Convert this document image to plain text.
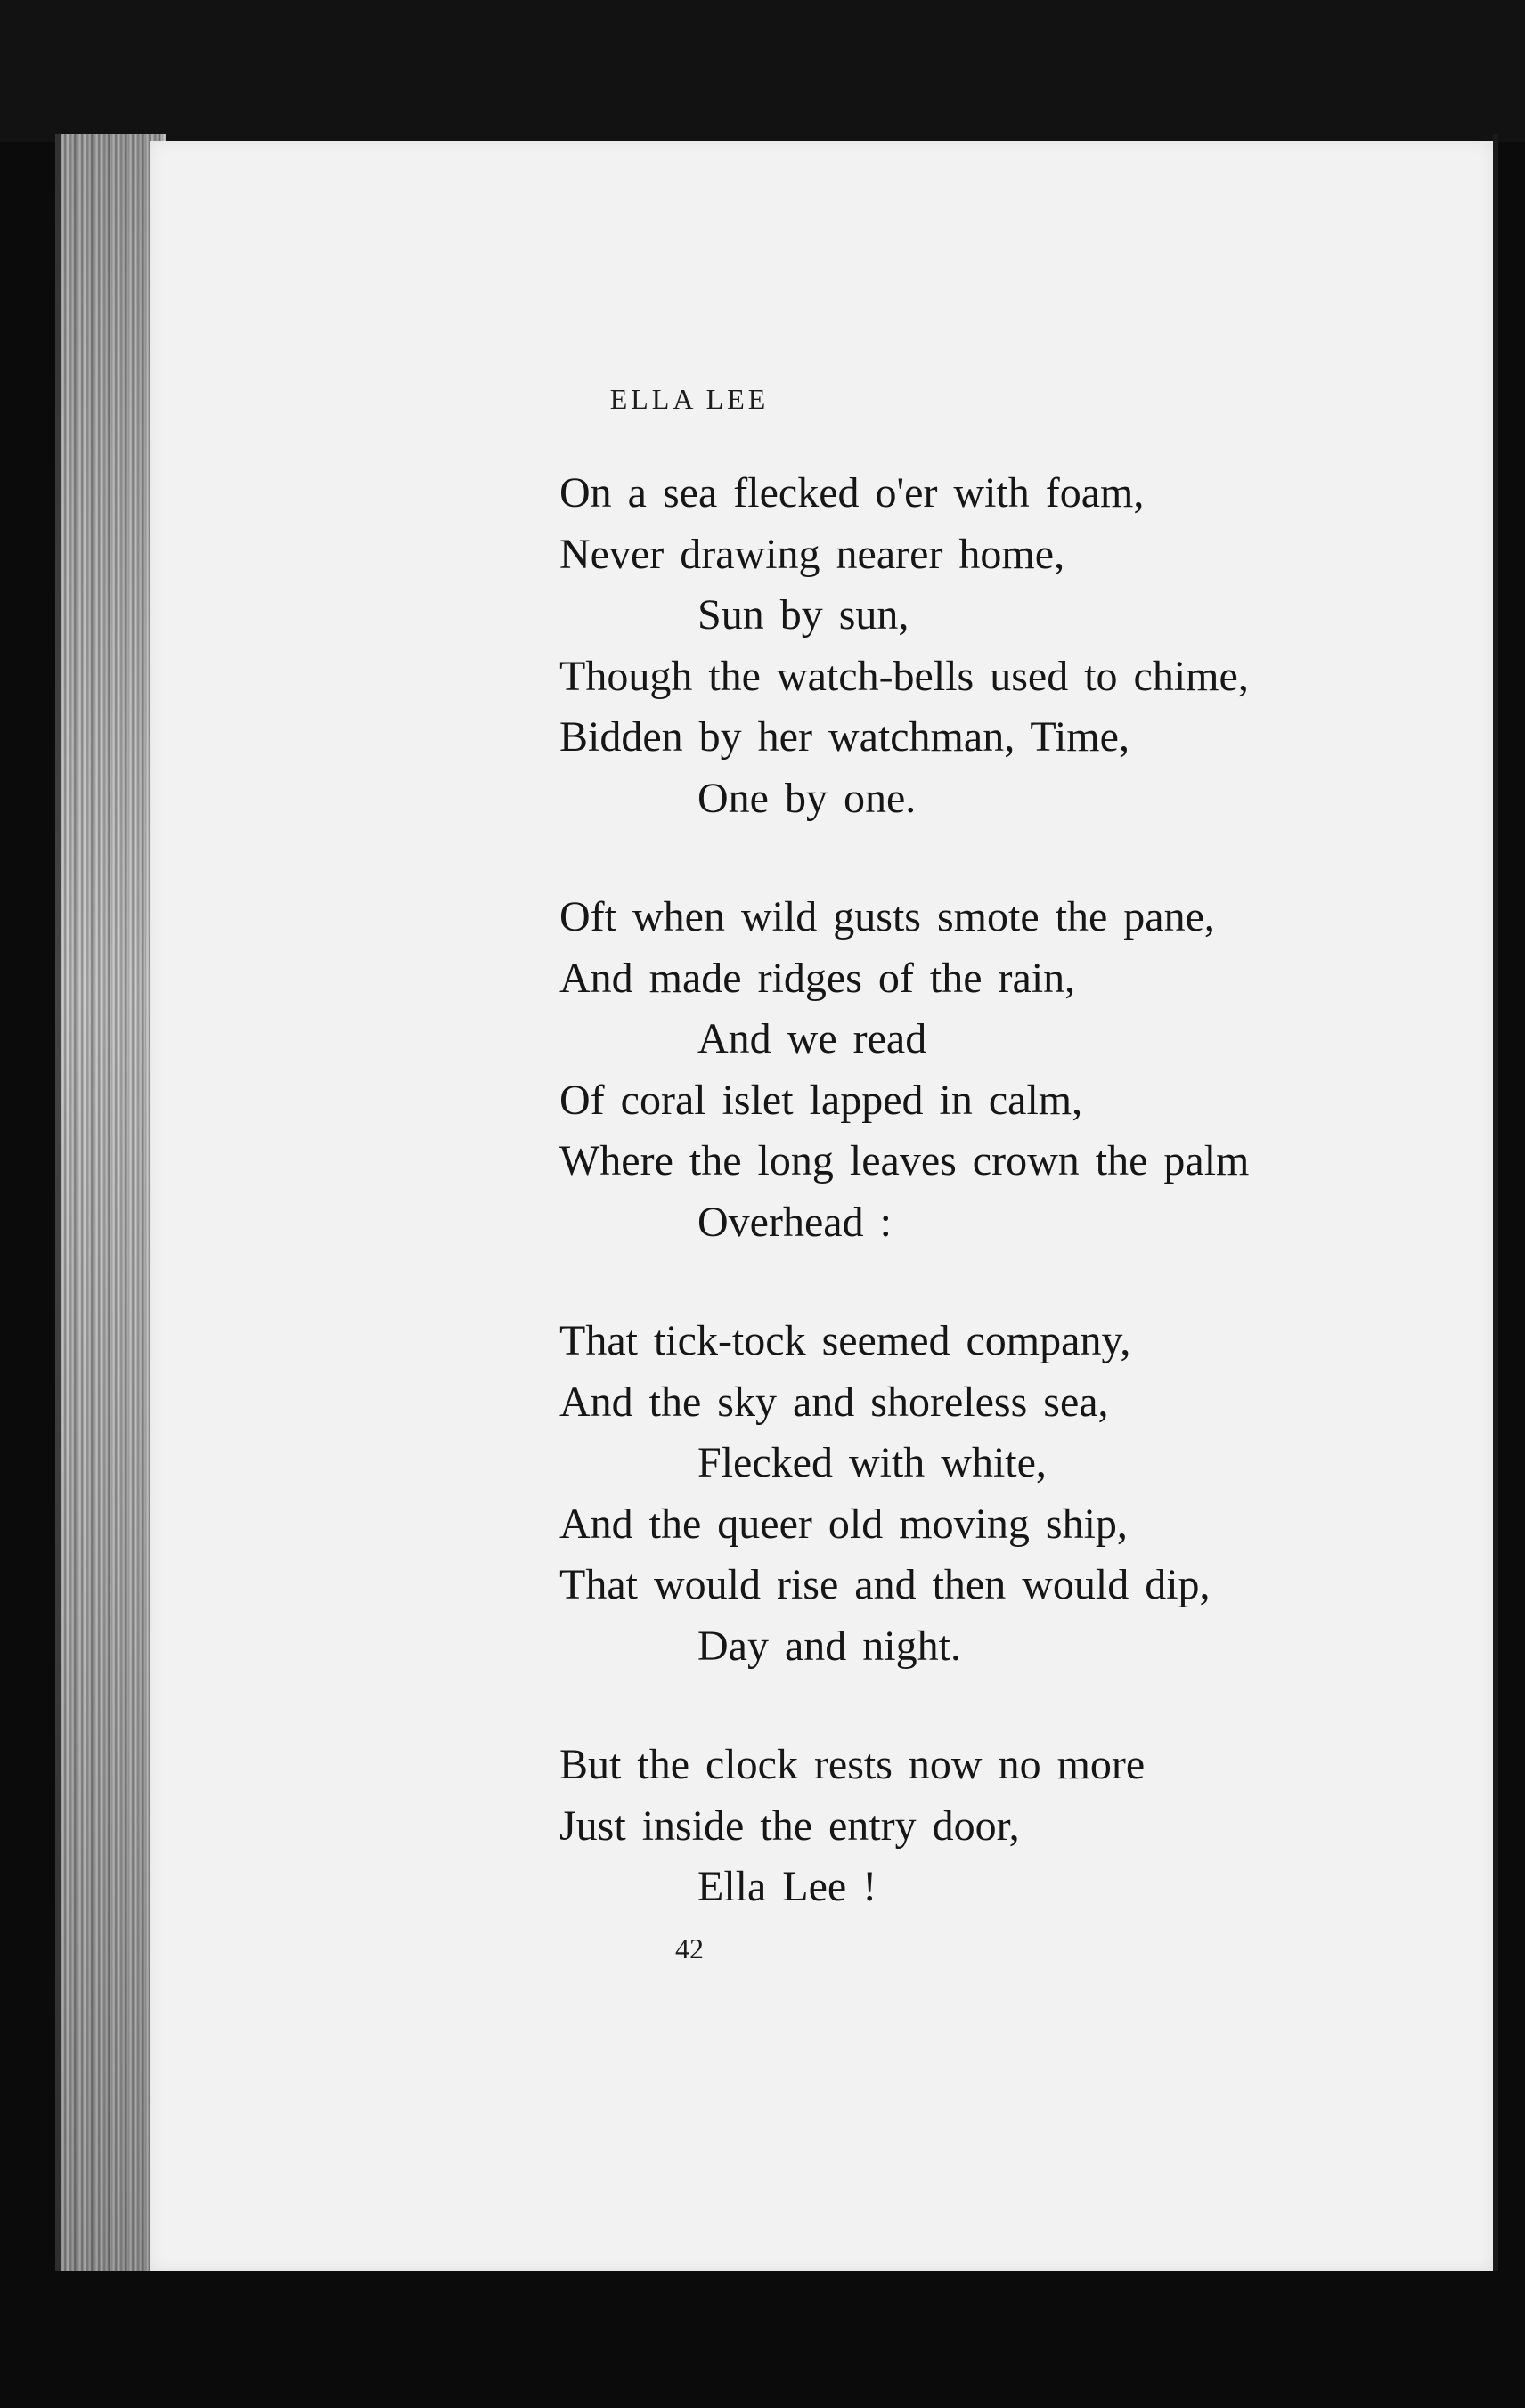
ELLA LEE
On a sea flecked o'er with foam,
Never drawing nearer home,
Sun by sun,
Though the watch-bells used to chime,
Bidden by her watchman, Time,
One by one.
Oft when wild gusts smote the pane,
And made ridges of the rain,
And we read
Of coral islet lapped in calm,
Where the long leaves crown the palm
Overhead :
That tick-tock seemed company,
And the sky and shoreless sea,
Flecked with white,
And the queer old moving ship,
That would rise and then would dip,
Day and night.
But the clock rests now no more
Just inside the entry door,
Ella Lee !
42
